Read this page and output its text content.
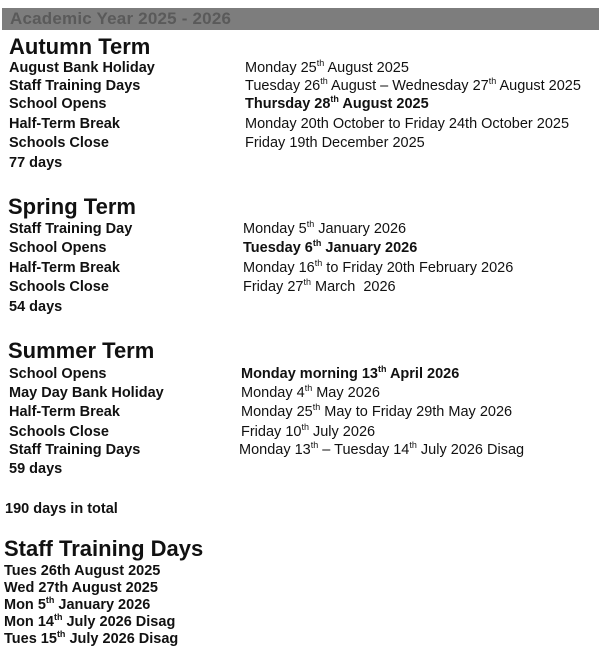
Academic Year 2025 - 2026
Autumn Term
August Bank Holiday	Monday 25th August 2025
Staff Training Days	Tuesday 26th August – Wednesday 27th August 2025
School Opens	Thursday 28th August 2025
Half-Term Break	Monday 20th October to Friday 24th October 2025
Schools Close	Friday 19th December 2025
77 days
Spring Term
Staff Training Day	Monday 5th January 2026
School Opens	Tuesday 6th January 2026
Half-Term Break	Monday 16th to Friday 20th February 2026
Schools Close	Friday 27th March  2026
54 days
Summer Term
School Opens	Monday morning 13th April 2026
May Day Bank Holiday	Monday 4th May 2026
Half-Term Break	Monday 25th May to Friday 29th May 2026
Schools Close	Friday 10th July 2026
Staff Training Days	Monday 13th – Tuesday 14th July 2026 Disag
59 days
190 days in total
Staff Training Days
Tues 26th August 2025
Wed 27th August 2025
Mon 5th January 2026
Mon 14th July 2026 Disag
Tues 15th July 2026 Disag
